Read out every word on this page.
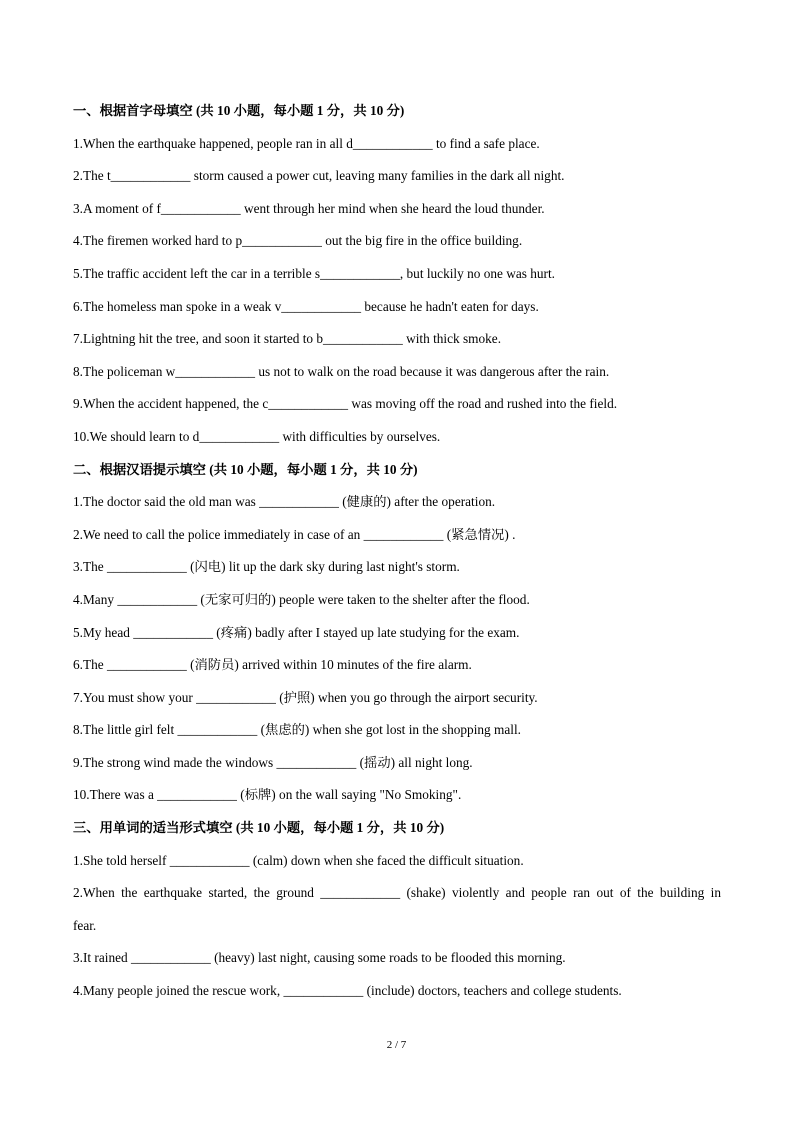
一、根据首字母填空 (共 10 小题，每小题 1 分，共 10 分)
1.When the earthquake happened, people ran in all d____________ to find a safe place.
2.The t____________ storm caused a power cut, leaving many families in the dark all night.
3.A moment of f____________ went through her mind when she heard the loud thunder.
4.The firemen worked hard to p____________ out the big fire in the office building.
5.The traffic accident left the car in a terrible s____________, but luckily no one was hurt.
6.The homeless man spoke in a weak v____________ because he hadn't eaten for days.
7.Lightning hit the tree, and soon it started to b____________ with thick smoke.
8.The policeman w____________ us not to walk on the road because it was dangerous after the rain.
9.When the accident happened, the c____________ was moving off the road and rushed into the field.
10.We should learn to d____________ with difficulties by ourselves.
二、根据汉语提示填空 (共 10 小题，每小题 1 分，共 10 分)
1.The doctor said the old man was ____________ (健康的) after the operation.
2.We need to call the police immediately in case of an ____________ (紧急情况) .
3.The ____________ (闪电) lit up the dark sky during last night's storm.
4.Many ____________ (无家可归的) people were taken to the shelter after the flood.
5.My head ____________ (疼痛) badly after I stayed up late studying for the exam.
6.The ____________ (消防员) arrived within 10 minutes of the fire alarm.
7.You must show your ____________ (护照) when you go through the airport security.
8.The little girl felt ____________ (焦虑的) when she got lost in the shopping mall.
9.The strong wind made the windows ____________ (摇动) all night long.
10.There was a ____________ (标牌) on the wall saying "No Smoking".
三、用单词的适当形式填空 (共 10 小题，每小题 1 分，共 10 分)
1.She told herself ____________ (calm) down when she faced the difficult situation.
2.When the earthquake started, the ground ____________ (shake) violently and people ran out of the building in
fear.
3.It rained ____________ (heavy) last night, causing some roads to be flooded this morning.
4.Many people joined the rescue work, ____________ (include) doctors, teachers and college students.
2 / 7
